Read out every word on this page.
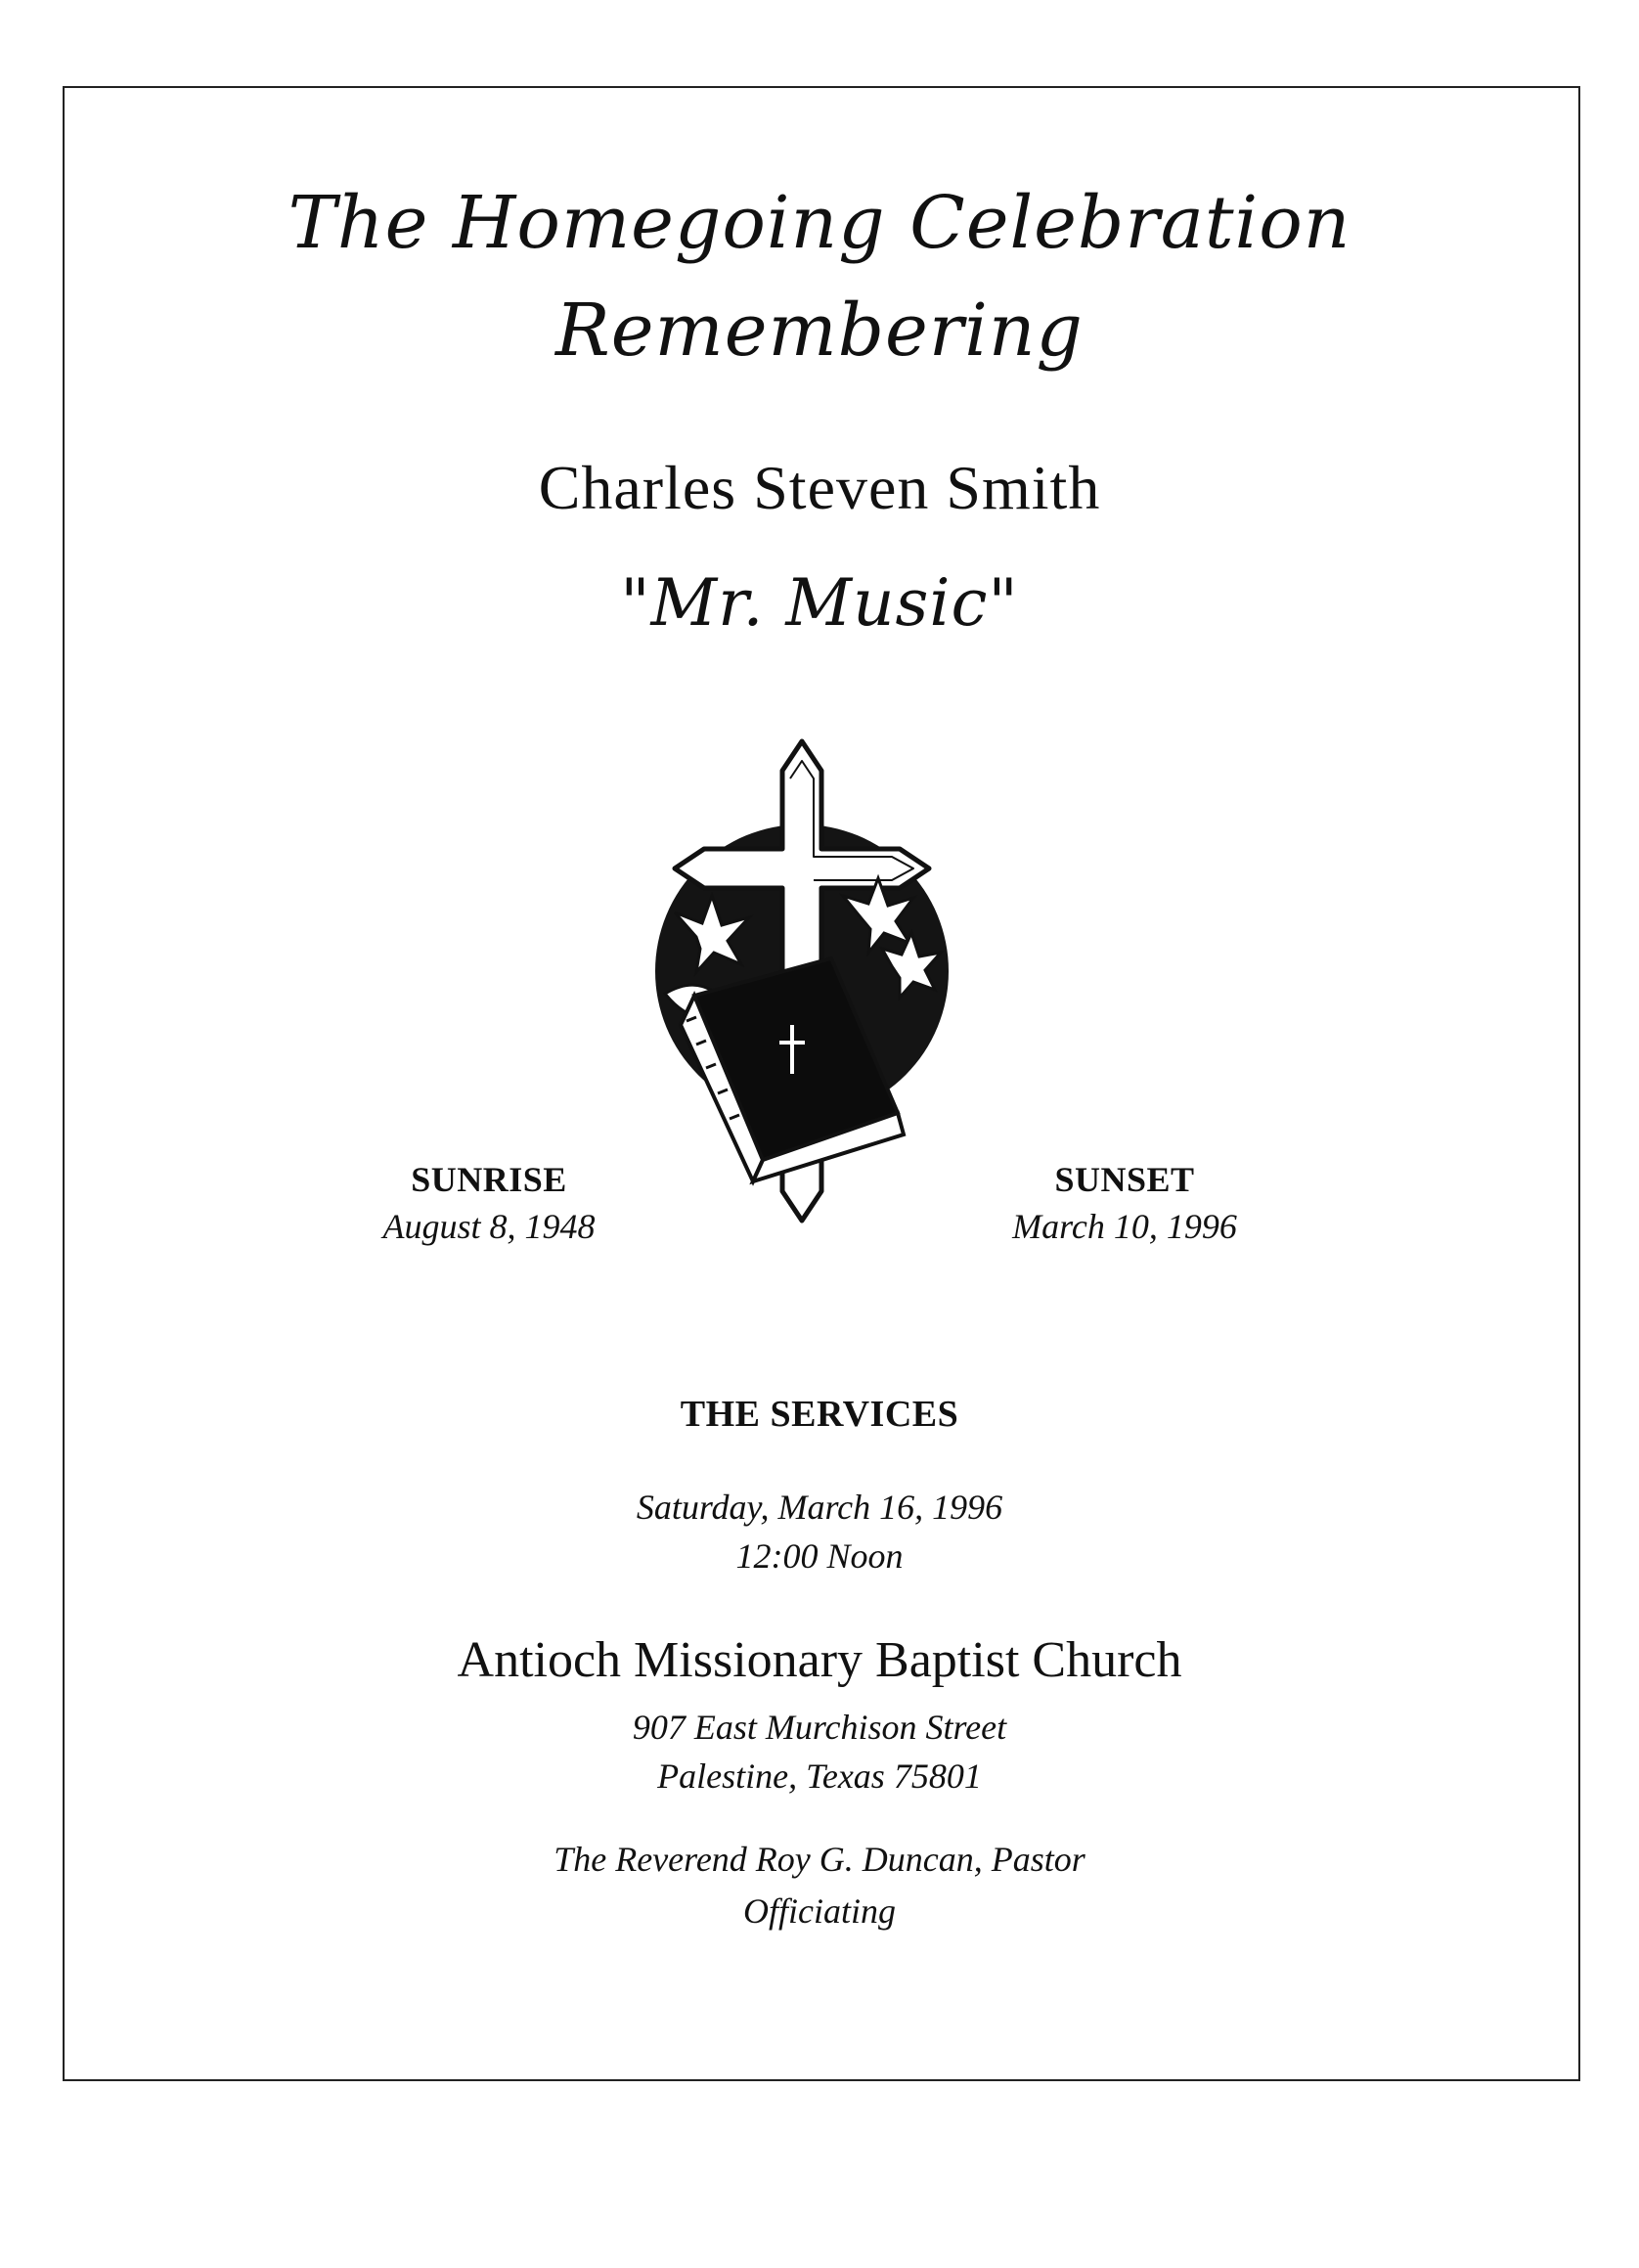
The Homegoing Celebration
Remembering
Charles Steven Smith
"Mr. Music"
SUNRISE
August 8, 1948
SUNSET
March 10, 1996
THE SERVICES
Saturday, March 16, 1996
12:00 Noon
Antioch Missionary Baptist Church
907 East Murchison Street
Palestine, Texas 75801
The Reverend Roy G. Duncan, Pastor
Officiating
